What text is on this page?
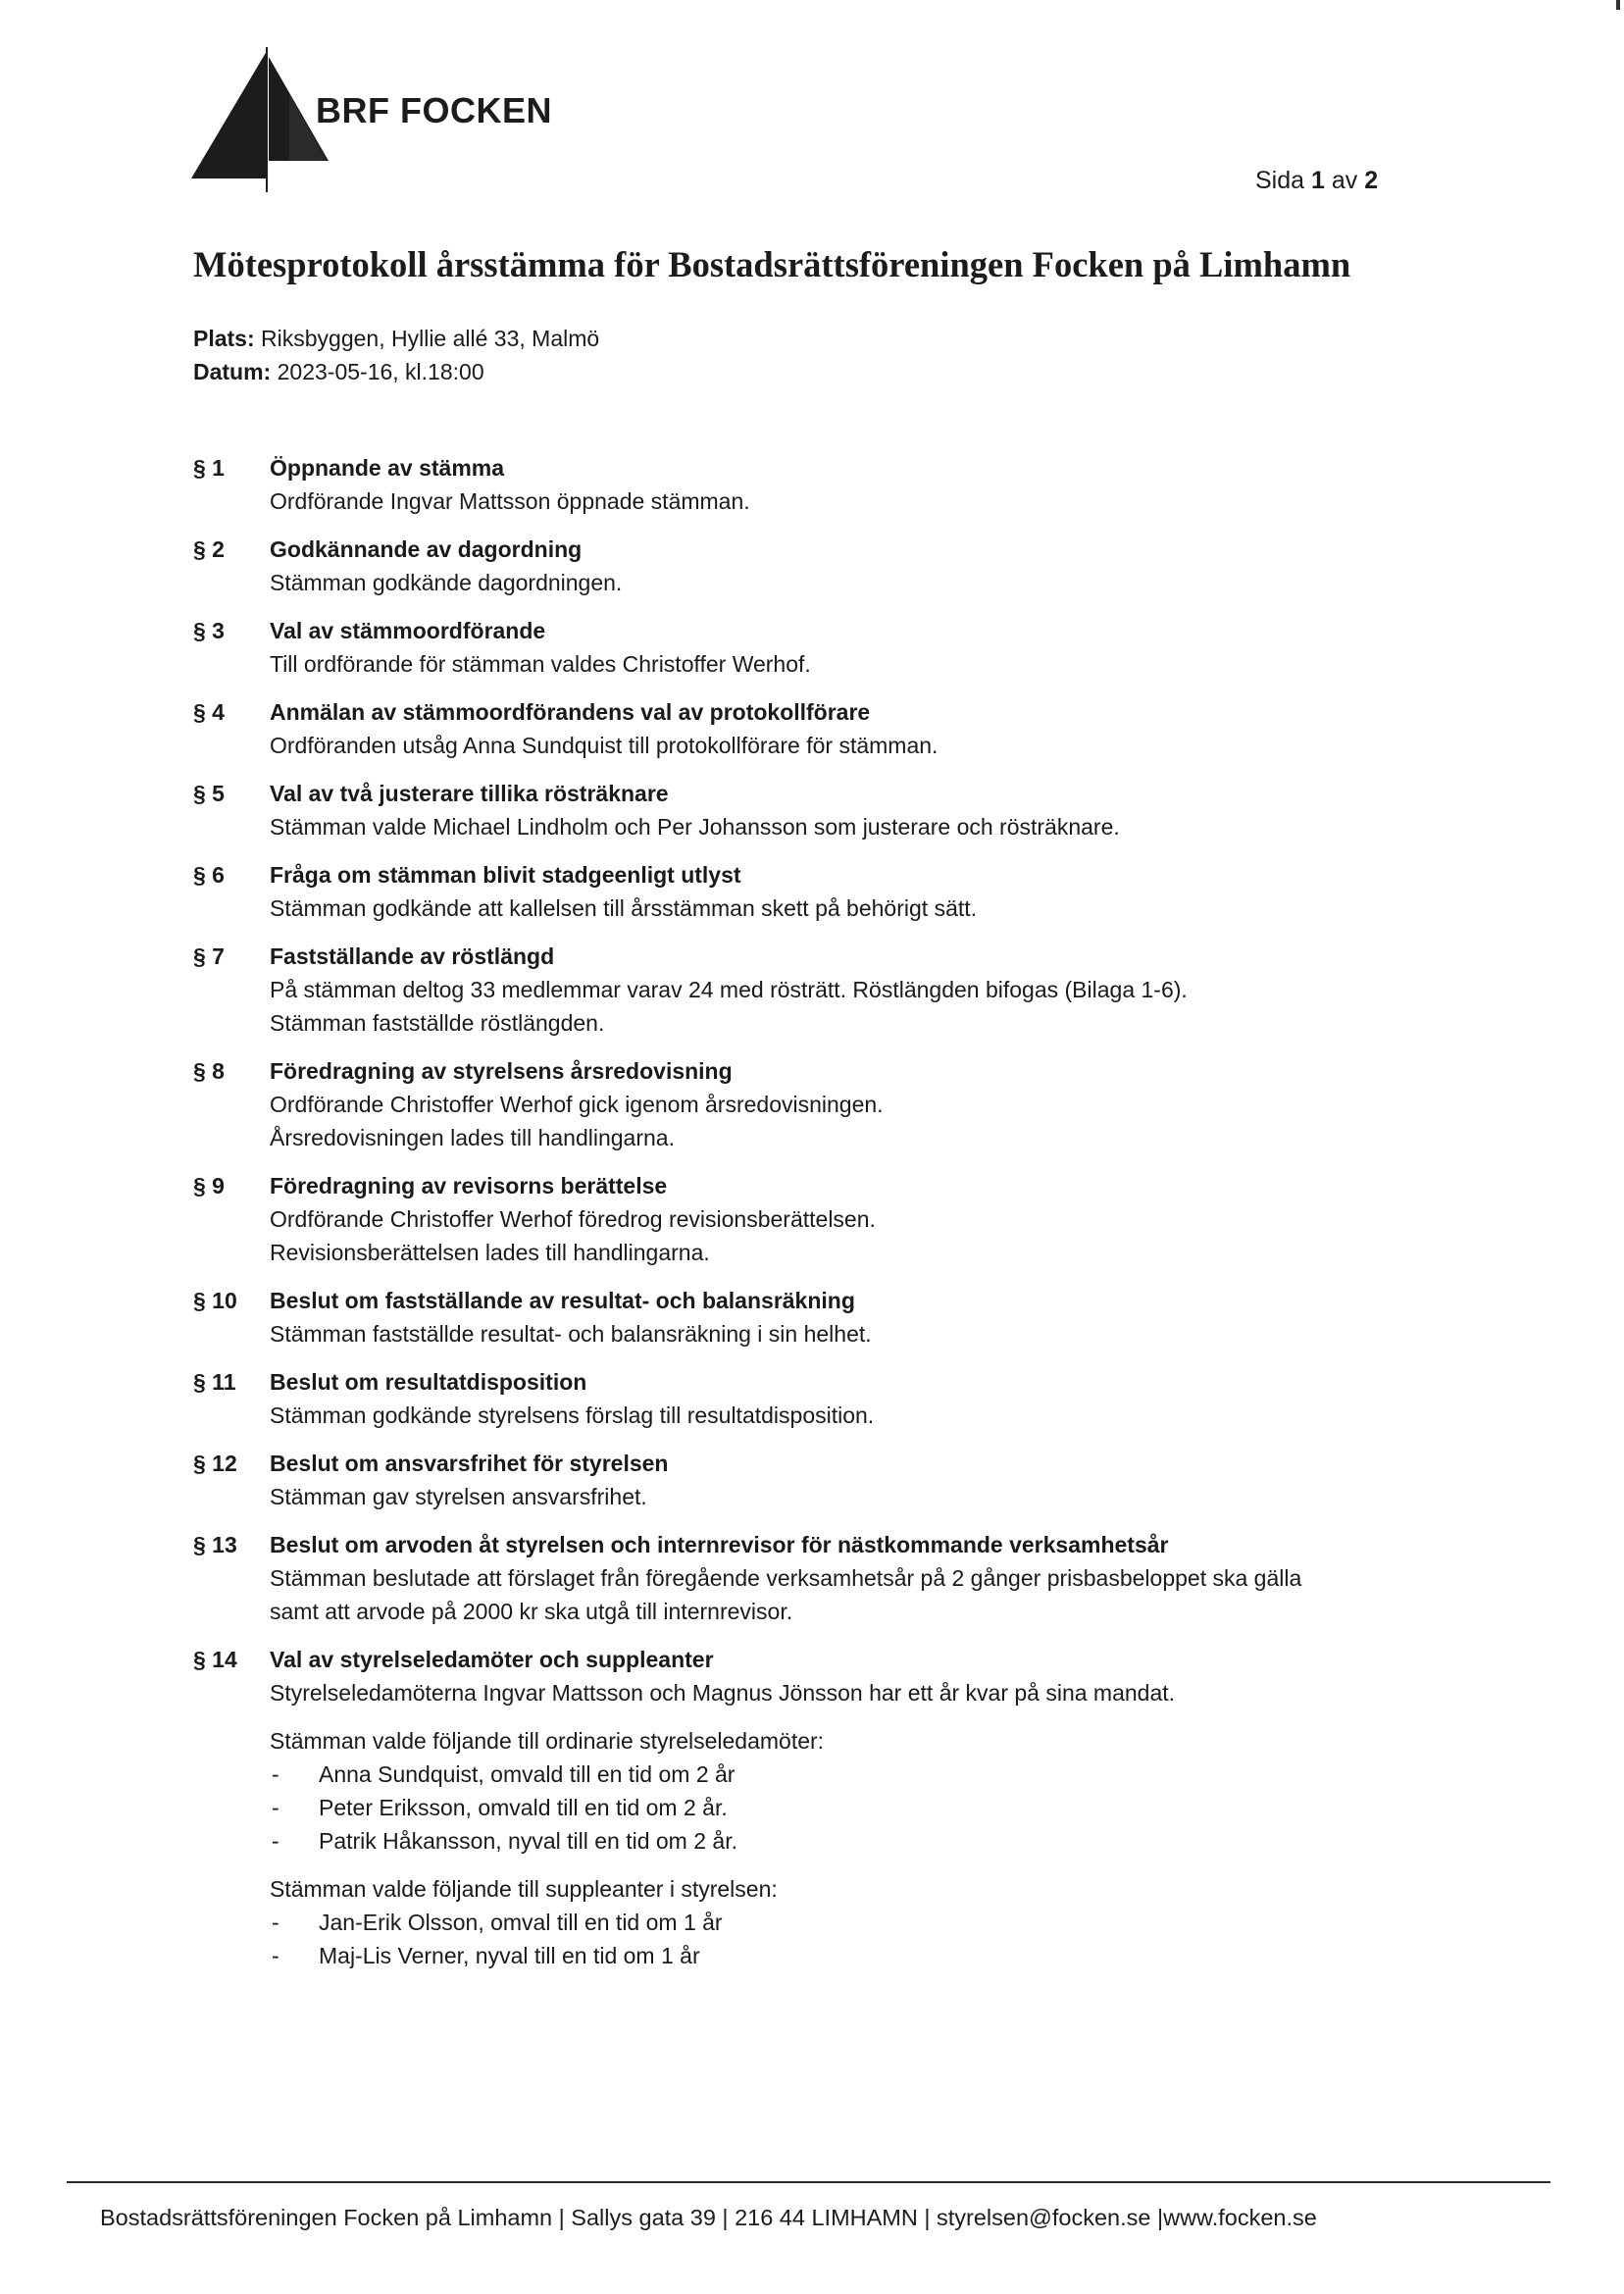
BRF FOCKEN
Sida 1 av 2
Mötesprotokoll årsstämma för Bostadsrättsföreningen Focken på Limhamn
Plats: Riksbyggen, Hyllie allé 33, Malmö
Datum: 2023-05-16, kl.18:00
§ 1 Öppnande av stämma
Ordförande Ingvar Mattsson öppnade stämman.
§ 2 Godkännande av dagordning
Stämman godkände dagordningen.
§ 3 Val av stämmoordförande
Till ordförande för stämman valdes Christoffer Werhof.
§ 4 Anmälan av stämmoordförandens val av protokollförare
Ordföranden utsåg Anna Sundquist till protokollförare för stämman.
§ 5 Val av två justerare tillika rösträknare
Stämman valde Michael Lindholm och Per Johansson som justerare och rösträknare.
§ 6 Fråga om stämman blivit stadgeenligt utlyst
Stämman godkände att kallelsen till årsstämman skett på behörigt sätt.
§ 7 Fastställande av röstlängd
På stämman deltog 33 medlemmar varav 24 med rösträtt. Röstlängden bifogas (Bilaga 1-6).
Stämman fastställde röstlängden.
§ 8 Föredragning av styrelsens årsredovisning
Ordförande Christoffer Werhof gick igenom årsredovisningen.
Årsredovisningen lades till handlingarna.
§ 9 Föredragning av revisorns berättelse
Ordförande Christoffer Werhof föredrog revisionsberättelsen.
Revisionsberättelsen lades till handlingarna.
§ 10 Beslut om fastställande av resultat- och balansräkning
Stämman fastställde resultat- och balansräkning i sin helhet.
§ 11 Beslut om resultatdisposition
Stämman godkände styrelsens förslag till resultatdisposition.
§ 12 Beslut om ansvarsfrihet för styrelsen
Stämman gav styrelsen ansvarsfrihet.
§ 13 Beslut om arvoden åt styrelsen och internrevisor för nästkommande verksamhetsår
Stämman beslutade att förslaget från föregående verksamhetsår på 2 gånger prisbasbeloppet ska gälla
samt att arvode på 2000 kr ska utgå till internrevisor.
§ 14 Val av styrelseledamöter och suppleanter
Styrelseledamöterna Ingvar Mattsson och Magnus Jönsson har ett år kvar på sina mandat.
Stämman valde följande till ordinarie styrelseledamöter:
- Anna Sundquist, omvald till en tid om 2 år
- Peter Eriksson, omvald till en tid om 2 år.
- Patrik Håkansson, nyval till en tid om 2 år.
Stämman valde följande till suppleanter i styrelsen:
- Jan-Erik Olsson, omval till en tid om 1 år
- Maj-Lis Verner, nyval till en tid om 1 år
Bostadsrättsföreningen Focken på Limhamn | Sallys gata 39 | 216 44 LIMHAMN | styrelsen@focken.se |www.focken.se
